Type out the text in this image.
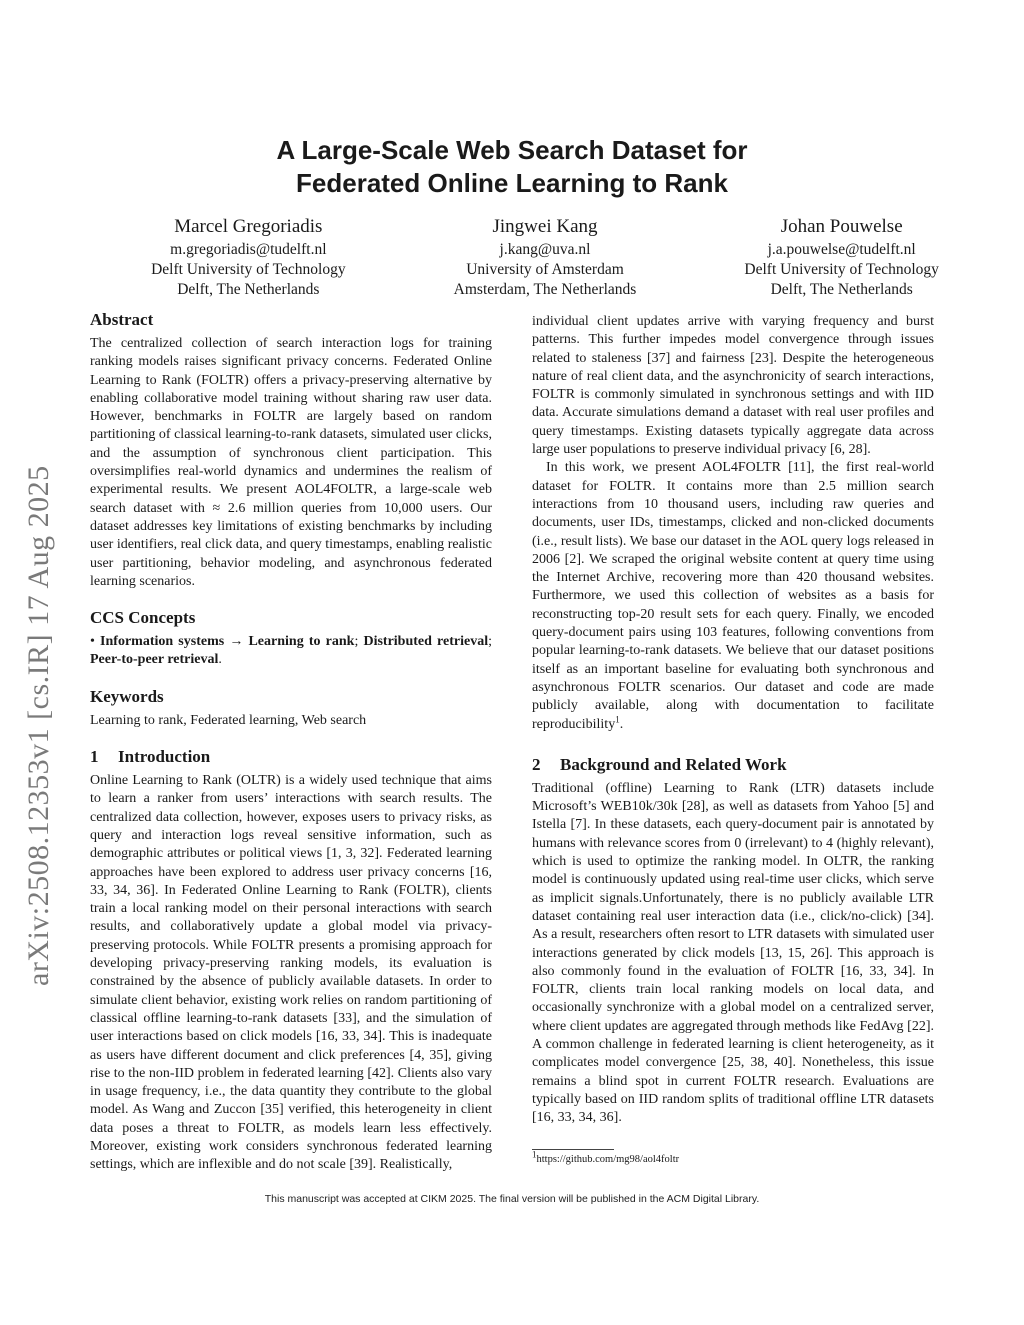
arXiv:2508.12353v1 [cs.IR] 17 Aug 2025
A Large-Scale Web Search Dataset for
Federated Online Learning to Rank
Marcel Gregoriadis
m.gregoriadis@tudelft.nl
Delft University of Technology
Delft, The Netherlands
Jingwei Kang
j.kang@uva.nl
University of Amsterdam
Amsterdam, The Netherlands
Johan Pouwelse
j.a.pouwelse@tudelft.nl
Delft University of Technology
Delft, The Netherlands
Abstract

The centralized collection of search interaction logs for training ranking models raises significant privacy concerns. Federated Online Learning to Rank (FOLTR) offers a privacy-preserving alternative by enabling collaborative model training without sharing raw user data. However, benchmarks in FOLTR are largely based on random partitioning of classical learning-to-rank datasets, simulated user clicks, and the assumption of synchronous client participation. This oversimplifies real-world dynamics and undermines the realism of experimental results. We present AOL4FOLTR, a large-scale web search dataset with ≈ 2.6 million queries from 10,000 users. Our dataset addresses key limitations of existing benchmarks by including user identifiers, real click data, and query timestamps, enabling realistic user partitioning, behavior modeling, and asynchronous federated learning scenarios.

CCS Concepts

• Information systems → Learning to rank; Distributed retrieval; Peer-to-peer retrieval.

Keywords

Learning to rank, Federated learning, Web search

1 Introduction

Online Learning to Rank (OLTR) is a widely used technique that aims to learn a ranker from users’ interactions with search results. The centralized data collection, however, exposes users to privacy risks, as query and interaction logs reveal sensitive information, such as demographic attributes or political views [1, 3, 32]. Federated learning approaches have been explored to address user privacy concerns [16, 33, 34, 36]. In Federated Online Learning to Rank (FOLTR), clients train a local ranking model on their personal interactions with search results, and collaboratively update a global model via privacy-preserving protocols. While FOLTR presents a promising approach for developing privacy-preserving ranking models, its evaluation is constrained by the absence of publicly available datasets. In order to simulate client behavior, existing work relies on random partitioning of classical offline learning-to-rank datasets [33], and the simulation of user interactions based on click models [16, 33, 34]. This is inadequate as users have different document and click preferences [4, 35], giving rise to the non-IID problem in federated learning [42]. Clients also vary in usage frequency, i.e., the data quantity they contribute to the global model. As Wang and Zuccon [35] verified, this heterogeneity in client data poses a threat to FOLTR, as models learn less effectively. Moreover, existing work considers synchronous federated learning settings, which are inflexible and do not scale [39]. Realistically,

individual client updates arrive with varying frequency and burst patterns. This further impedes model convergence through issues related to staleness [37] and fairness [23]. Despite the heterogeneous nature of real client data, and the asynchronicity of search interactions, FOLTR is commonly simulated in synchronous settings and with IID data. Accurate simulations demand a dataset with real user profiles and query timestamps. Existing datasets typically aggregate data across large user populations to preserve individual privacy [6, 28].

In this work, we present AOL4FOLTR [11], the first real-world dataset for FOLTR. It contains more than 2.5 million search interactions from 10 thousand users, including raw queries and documents, user IDs, timestamps, clicked and non-clicked documents (i.e., result lists). We base our dataset in the AOL query logs released in 2006 [2]. We scraped the original website content at query time using the Internet Archive, recovering more than 420 thousand websites. Furthermore, we used this collection of websites as a basis for reconstructing top-20 result sets for each query. Finally, we encoded query-document pairs using 103 features, following conventions from popular learning-to-rank datasets. We believe that our dataset positions itself as an important baseline for evaluating both synchronous and asynchronous FOLTR scenarios. Our dataset and code are made publicly available, along with documentation to facilitate reproducibility$^1$.

2 Background and Related Work

Traditional (offline) Learning to Rank (LTR) datasets include Microsoft’s WEB10k/30k [28], as well as datasets from Yahoo [5] and Istella [7]. In these datasets, each query-document pair is annotated by humans with relevance scores from 0 (irrelevant) to 4 (highly relevant), which is used to optimize the ranking model. In OLTR, the ranking model is continuously updated using real-time user clicks, which serve as implicit signals.Unfortunately, there is no publicly available LTR dataset containing real user interaction data (i.e., click/no-click) [34]. As a result, researchers often resort to LTR datasets with simulated user interactions generated by click models [13, 15, 26]. This approach is also commonly found in the evaluation of FOLTR [16, 33, 34]. In FOLTR, clients train local ranking models on local data, and occasionally synchronize with a global model on a centralized server, where client updates are aggregated through methods like FedAvg [22]. A common challenge in federated learning is client heterogeneity, as it complicates model convergence [25, 38, 40]. Nonetheless, this issue remains a blind spot in current FOLTR research. Evaluations are typically based on IID random splits of traditional offline LTR datasets [16, 33, 34, 36].

$^1$https://github.com/mg98/aol4foltr
This manuscript was accepted at CIKM 2025. The final version will be published in the ACM Digital Library.
